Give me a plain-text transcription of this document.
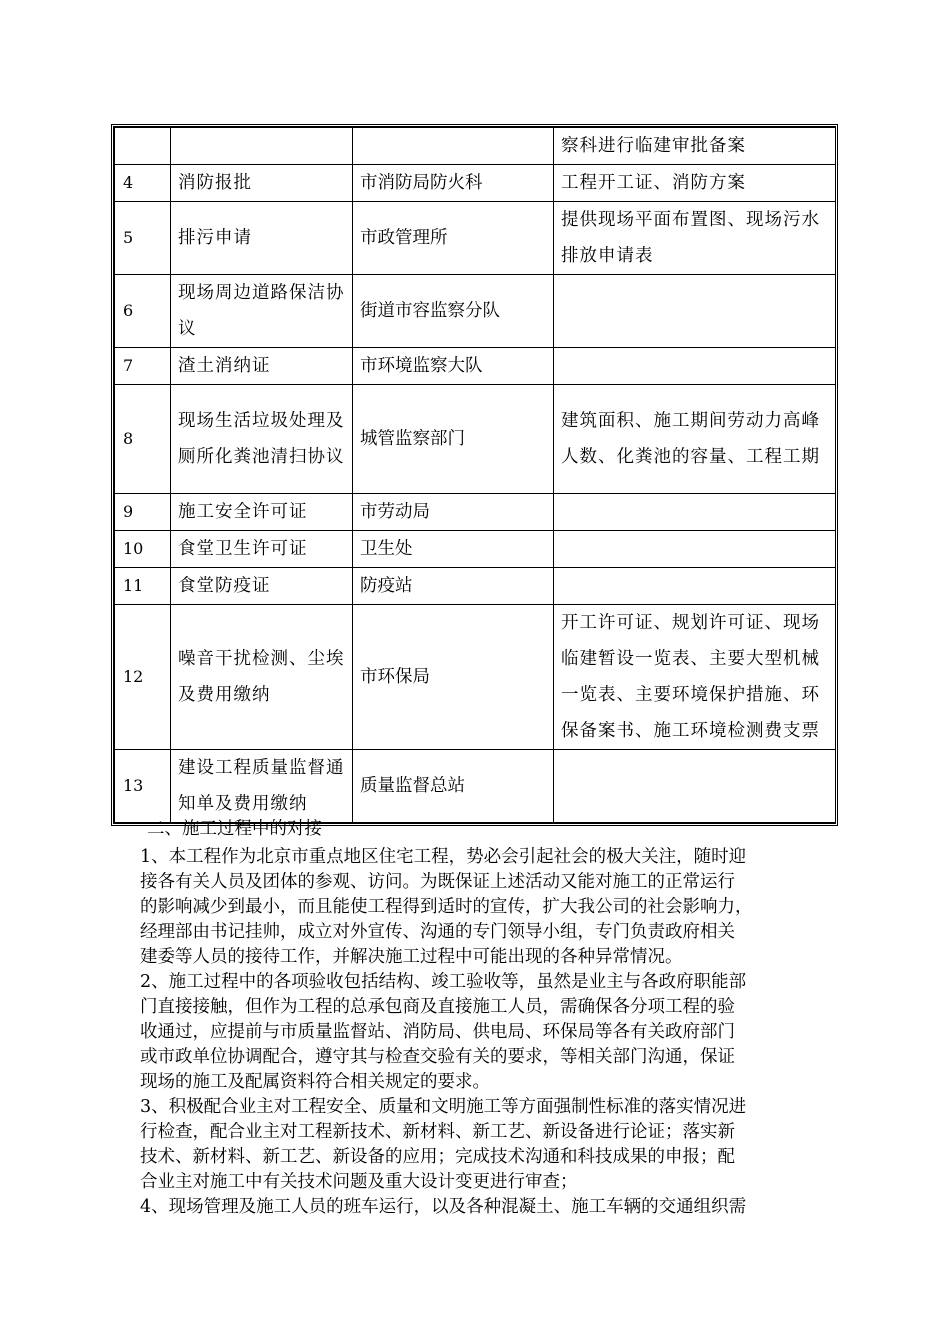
			察科进行临建审批备案
4	消防报批	市消防局防火科	工程开工证、消防方案
5	排污申请	市政管理所	提供现场平面布置图、现场污水排放申请表
6	现场周边道路保洁协议	街道市容监察分队	
7	渣土消纳证	市环境监察大队	
8	现场生活垃圾处理及厕所化粪池清扫协议	城管监察部门	建筑面积、施工期间劳动力高峰人数、化粪池的容量、工程工期
9	施工安全许可证	市劳动局	
10	食堂卫生许可证	卫生处	
11	食堂防疫证	防疫站	
12	噪音干扰检测、尘埃及费用缴纳	市环保局	开工许可证、规划许可证、现场临建暂设一览表、主要大型机械一览表、主要环境保护措施、环保备案书、施工环境检测费支票
13	建设工程质量监督通知单及费用缴纳	质量监督总站	

二、施工过程中的对接

1、本工程作为北京市重点地区住宅工程，势必会引起社会的极大关注，随时迎

接各有关人员及团体的参观、访问。为既保证上述活动又能对施工的正常运行

的影响减少到最小，而且能使工程得到适时的宣传，扩大我公司的社会影响力，

经理部由书记挂帅，成立对外宣传、沟通的专门领导小组，专门负责政府相关

建委等人员的接待工作，并解决施工过程中可能出现的各种异常情况。

2、施工过程中的各项验收包括结构、竣工验收等，虽然是业主与各政府职能部

门直接接触，但作为工程的总承包商及直接施工人员，需确保各分项工程的验

收通过，应提前与市质量监督站、消防局、供电局、环保局等各有关政府部门

或市政单位协调配合，遵守其与检查交验有关的要求，等相关部门沟通，保证

现场的施工及配属资料符合相关规定的要求。

3、积极配合业主对工程安全、质量和文明施工等方面强制性标准的落实情况进

行检查，配合业主对工程新技术、新材料、新工艺、新设备进行论证；落实新

技术、新材料、新工艺、新设备的应用；完成技术沟通和科技成果的申报；配

合业主对施工中有关技术问题及重大设计变更进行审查；

4、现场管理及施工人员的班车运行，以及各种混凝土、施工车辆的交通组织需
